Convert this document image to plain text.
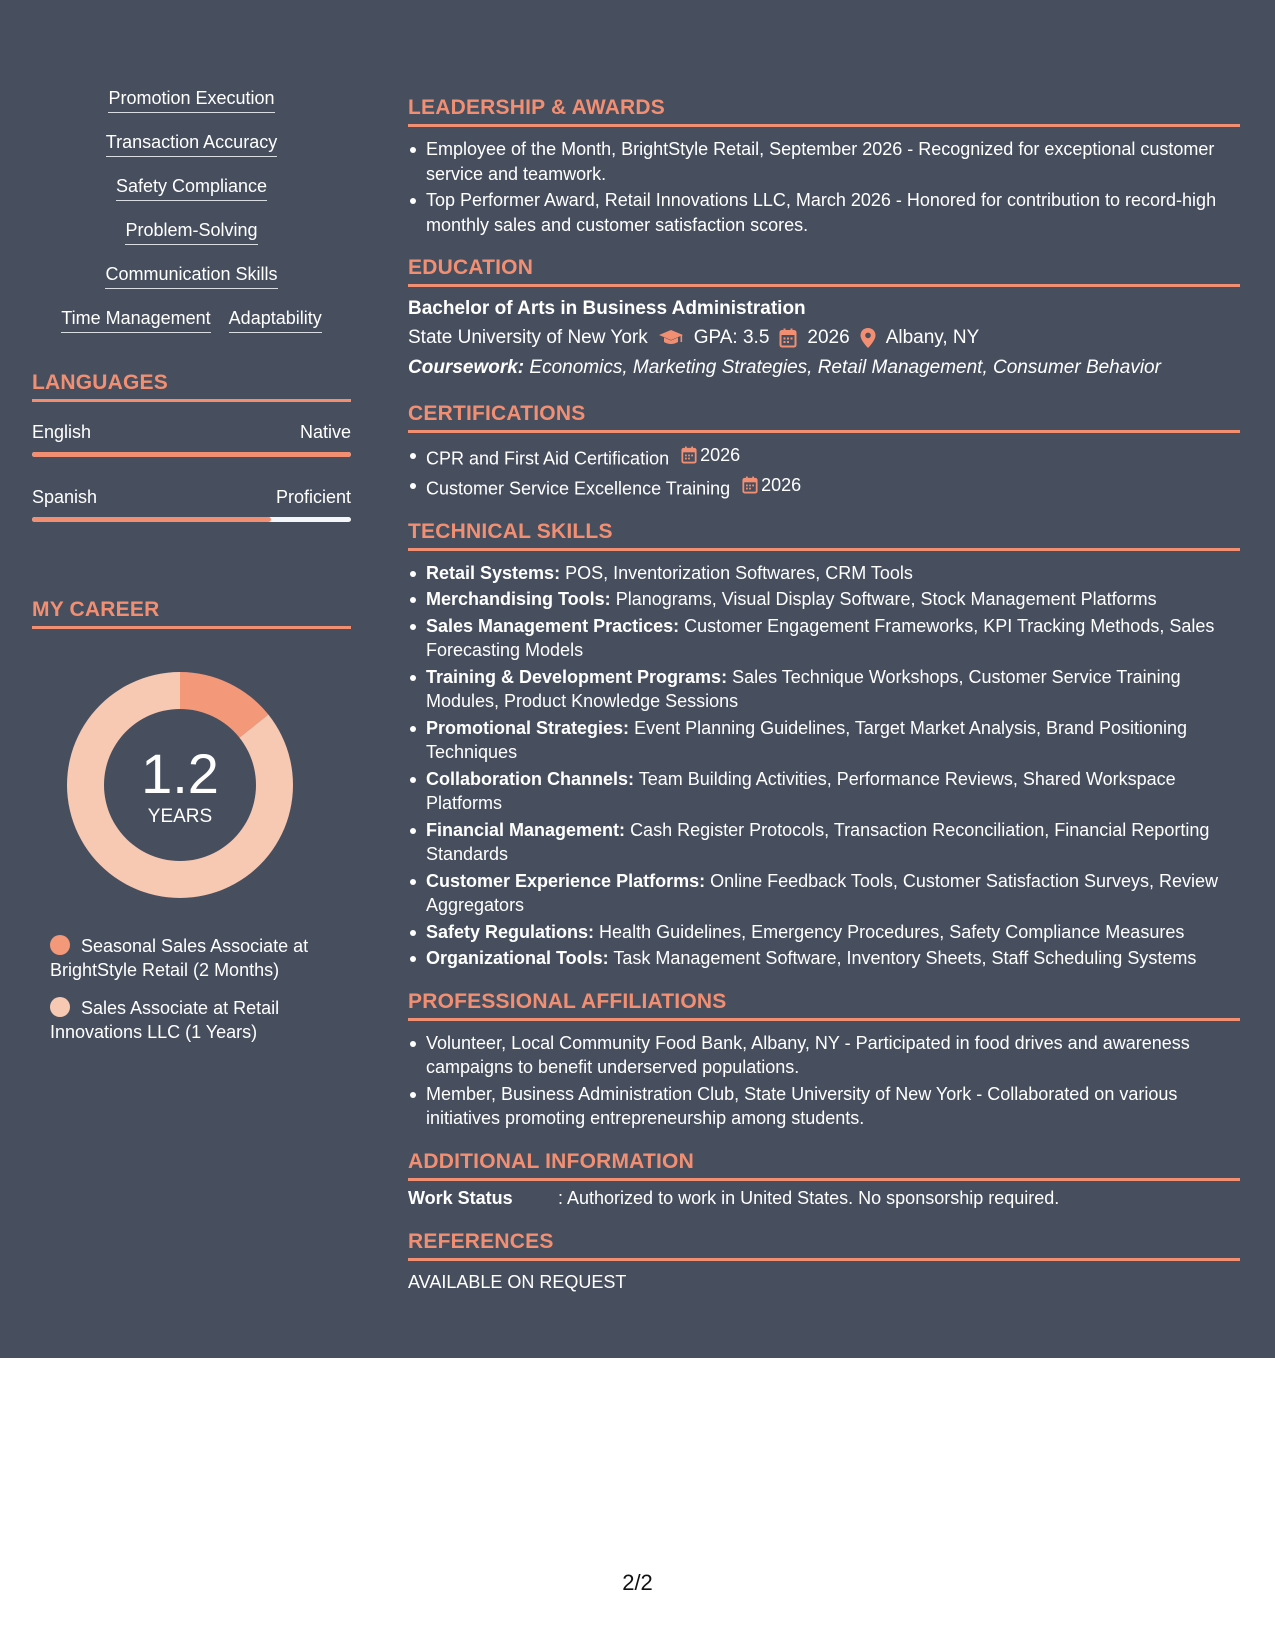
Promotion Execution
Transaction Accuracy
Safety Compliance
Problem-Solving
Communication Skills
Time Management Adaptability
LANGUAGES
English	Native
Spanish	Proficient
MY CAREER
1.2
YEARS
Seasonal Sales Associate at BrightStyle Retail (2 Months)
Sales Associate at Retail Innovations LLC (1 Years)
LEADERSHIP & AWARDS
Employee of the Month, BrightStyle Retail, September 2026 - Recognized for exceptional customer service and teamwork.
Top Performer Award, Retail Innovations LLC, March 2026 - Honored for contribution to record-high monthly sales and customer satisfaction scores.
EDUCATION
Bachelor of Arts in Business Administration
State University of New York GPA: 3.5 2026 Albany, NY
Coursework: Economics, Marketing Strategies, Retail Management, Consumer Behavior
CERTIFICATIONS
CPR and First Aid Certification 2026
Customer Service Excellence Training 2026
TECHNICAL SKILLS
Retail Systems: POS, Inventorization Softwares, CRM Tools
Merchandising Tools: Planograms, Visual Display Software, Stock Management Platforms
Sales Management Practices: Customer Engagement Frameworks, KPI Tracking Methods, Sales Forecasting Models
Training & Development Programs: Sales Technique Workshops, Customer Service Training Modules, Product Knowledge Sessions
Promotional Strategies: Event Planning Guidelines, Target Market Analysis, Brand Positioning Techniques
Collaboration Channels: Team Building Activities, Performance Reviews, Shared Workspace Platforms
Financial Management: Cash Register Protocols, Transaction Reconciliation, Financial Reporting Standards
Customer Experience Platforms: Online Feedback Tools, Customer Satisfaction Surveys, Review Aggregators
Safety Regulations: Health Guidelines, Emergency Procedures, Safety Compliance Measures
Organizational Tools: Task Management Software, Inventory Sheets, Staff Scheduling Systems
PROFESSIONAL AFFILIATIONS
Volunteer, Local Community Food Bank, Albany, NY - Participated in food drives and awareness campaigns to benefit underserved populations.
Member, Business Administration Club, State University of New York - Collaborated on various initiatives promoting entrepreneurship among students.
ADDITIONAL INFORMATION
Work Status	: Authorized to work in United States. No sponsorship required.
REFERENCES
AVAILABLE ON REQUEST
2/2
